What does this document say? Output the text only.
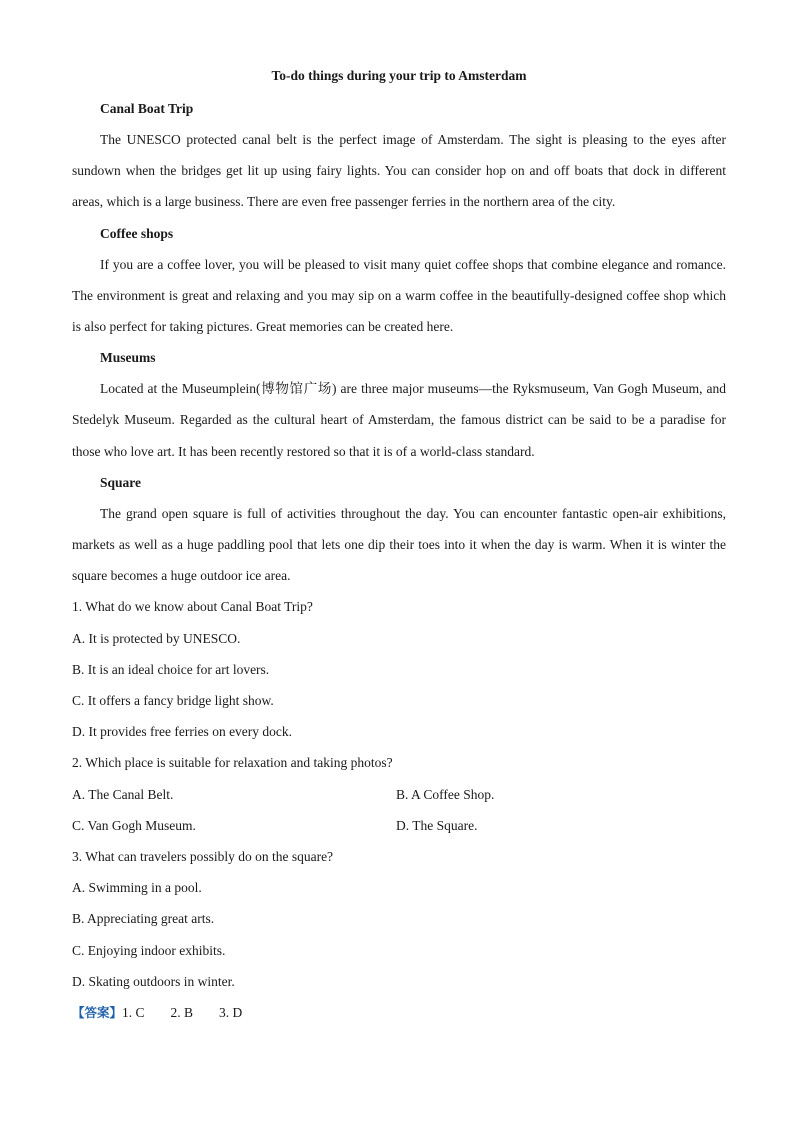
To-do things during your trip to Amsterdam
Canal Boat Trip

The UNESCO protected canal belt is the perfect image of Amsterdam. The sight is pleasing to the eyes after sundown when the bridges get lit up using fairy lights. You can consider hop on and off boats that dock in different areas, which is a large business. There are even free passenger ferries in the northern area of the city.

Coffee shops

If you are a coffee lover, you will be pleased to visit many quiet coffee shops that combine elegance and romance. The environment is great and relaxing and you may sip on a warm coffee in the beautifully-designed coffee shop which is also perfect for taking pictures. Great memories can be created here.

Museums

Located at the Museumplein(博物馆广场) are three major museums—the Ryksmuseum, Van Gogh Museum, and Stedelyk Museum. Regarded as the cultural heart of Amsterdam, the famous district can be said to be a paradise for those who love art. It has been recently restored so that it is of a world-class standard.

Square

The grand open square is full of activities throughout the day. You can encounter fantastic open-air exhibitions, markets as well as a huge paddling pool that lets one dip their toes into it when the day is warm. When it is winter the square becomes a huge outdoor ice area.

1. What do we know about Canal Boat Trip?
A. It is protected by UNESCO.
B. It is an ideal choice for art lovers.
C. It offers a fancy bridge light show.
D. It provides free ferries on every dock.
2. Which place is suitable for relaxation and taking photos?
A. The Canal Belt.	B. A Coffee Shop.
C. Van Gogh Museum.	D. The Square.
3. What can travelers possibly do on the square?
A. Swimming in a pool.
B. Appreciating great arts.
C. Enjoying indoor exhibits.
D. Skating outdoors in winter.
【答案】1. C 2. B 3. D
